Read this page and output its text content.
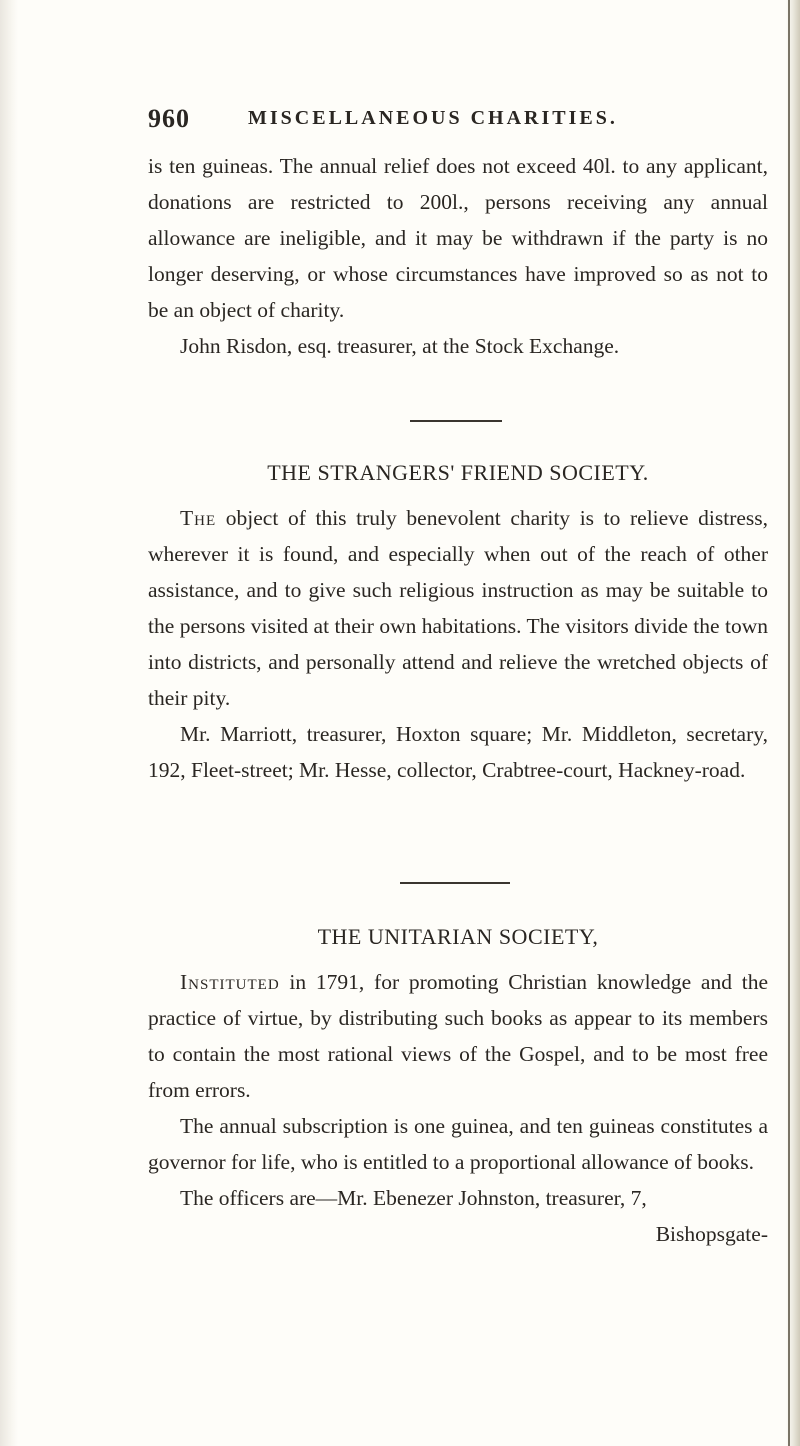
960	MISCELLANEOUS CHARITIES.

is ten guineas. The annual relief does not exceed 40l. to any applicant, donations are restricted to 200l., persons receiving any annual allowance are ineligible, and it may be withdrawn if the party is no longer deserving, or whose circumstances have improved so as not to be an object of charity.

John Risdon, esq. treasurer, at the Stock Exchange.

THE STRANGERS' FRIEND SOCIETY.

The object of this truly benevolent charity is to relieve distress, wherever it is found, and especially when out of the reach of other assistance, and to give such religious instruction as may be suitable to the persons visited at their own habitations. The visitors divide the town into districts, and personally attend and relieve the wretched objects of their pity.

Mr. Marriott, treasurer, Hoxton square; Mr. Middleton, secretary, 192, Fleet-street; Mr. Hesse, collector, Crabtree-court, Hackney-road.

THE UNITARIAN SOCIETY,

Instituted in 1791, for promoting Christian knowledge and the practice of virtue, by distributing such books as appear to its members to contain the most rational views of the Gospel, and to be most free from errors.

The annual subscription is one guinea, and ten guineas constitutes a governor for life, who is entitled to a proportional allowance of books.

The officers are—Mr. Ebenezer Johnston, treasurer, 7,

Bishopsgate-
